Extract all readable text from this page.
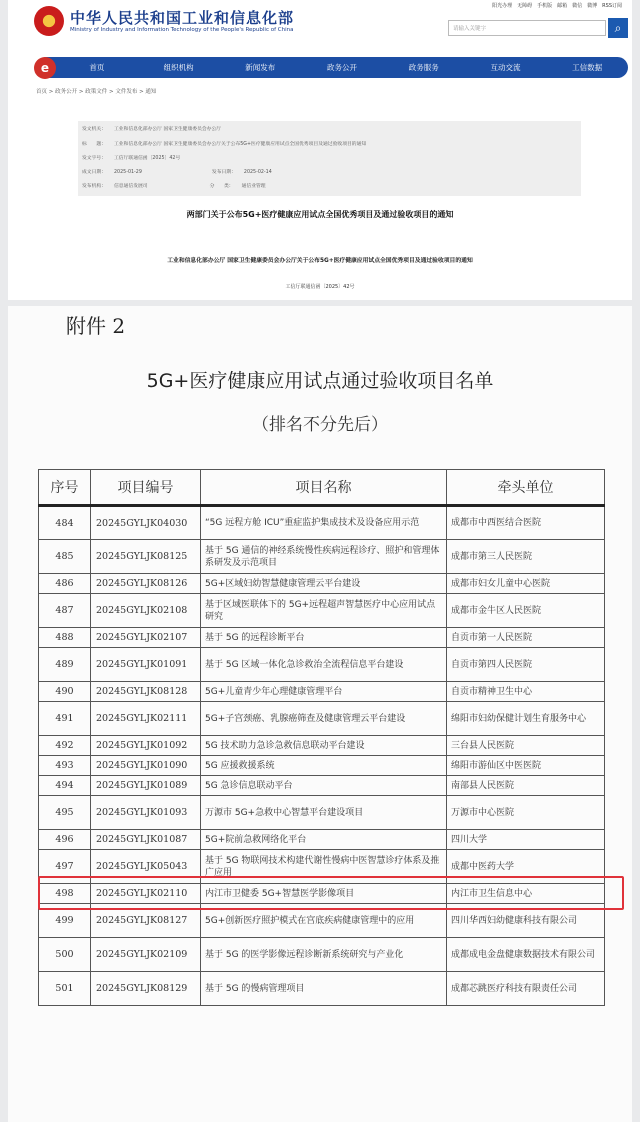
中华人民共和国工业和信息化部
Ministry of Industry and Information Technology of the People's Republic of China
阳光办理 无障碍 手机版 邮箱 微信 微博 RSS订阅
请输入关键字	⌕
e	首页	组织机构	新闻发布	政务公开	政务服务	互动交流	工信数据
首页 > 政务公开 > 政策文件 > 文件发布 > 通知
发文机关： 工业和信息化部办公厅 国家卫生健康委员会办公厅
标　　题： 工业和信息化部办公厅 国家卫生健康委员会办公厅关于公布5G+医疗健康应用试点全国优秀项目及通过验收项目的通知
发文字号： 工信厅联通信函〔2025〕42号
成文日期： 2025-01-29	发布日期： 2025-02-14
发布机构： 信息通信发展司	分　　类： 通信业管理
两部门关于公布5G+医疗健康应用试点全国优秀项目及通过验收项目的通知
工业和信息化部办公厅 国家卫生健康委员会办公厅关于公布5G+医疗健康应用试点全国优秀项目及通过验收项目的通知
工信厅联通信函〔2025〕42号
附件 2
5G+医疗健康应用试点通过验收项目名单
（排名不分先后）
序号	项目编号	项目名称	牵头单位
484	20245GYLJK04030	“5G 远程方舱 ICU”重症监护集成技术及设备应用示范	成都市中西医结合医院
485	20245GYLJK08125	基于 5G 通信的神经系统慢性疾病远程诊疗、照护和管理体系研发及示范项目	成都市第三人民医院
486	20245GYLJK08126	5G+区域妇幼智慧健康管理云平台建设	成都市妇女儿童中心医院
487	20245GYLJK02108	基于区域医联体下的 5G+远程超声智慧医疗中心应用试点研究	成都市金牛区人民医院
488	20245GYLJK02107	基于 5G 的远程诊断平台	自贡市第一人民医院
489	20245GYLJK01091	基于 5G 区域一体化急诊救治全流程信息平台建设	自贡市第四人民医院
490	20245GYLJK08128	5G+儿童青少年心理健康管理平台	自贡市精神卫生中心
491	20245GYLJK02111	5G+子宫颈癌、乳腺癌筛查及健康管理云平台建设	绵阳市妇幼保健计划生育服务中心
492	20245GYLJK01092	5G 技术助力急诊急救信息联动平台建设	三台县人民医院
493	20245GYLJK01090	5G 应援救援系统	绵阳市游仙区中医医院
494	20245GYLJK01089	5G 急诊信息联动平台	南部县人民医院
495	20245GYLJK01093	万源市 5G+急救中心智慧平台建设项目	万源市中心医院
496	20245GYLJK01087	5G+院前急救网络化平台	四川大学
497	20245GYLJK05043	基于 5G 物联网技术构建代谢性慢病中医智慧诊疗体系及推广应用	成都中医药大学
498	20245GYLJK02110	内江市卫健委 5G+智慧医学影像项目	内江市卫生信息中心
499	20245GYLJK08127	5G+创新医疗照护模式在宫底疾病健康管理中的应用	四川华西妇幼健康科技有限公司
500	20245GYLJK02109	基于 5G 的医学影像远程诊断新系统研究与产业化	成都成电金盘健康数据技术有限公司
501	20245GYLJK08129	基于 5G 的慢病管理项目	成都芯跳医疗科技有限责任公司
